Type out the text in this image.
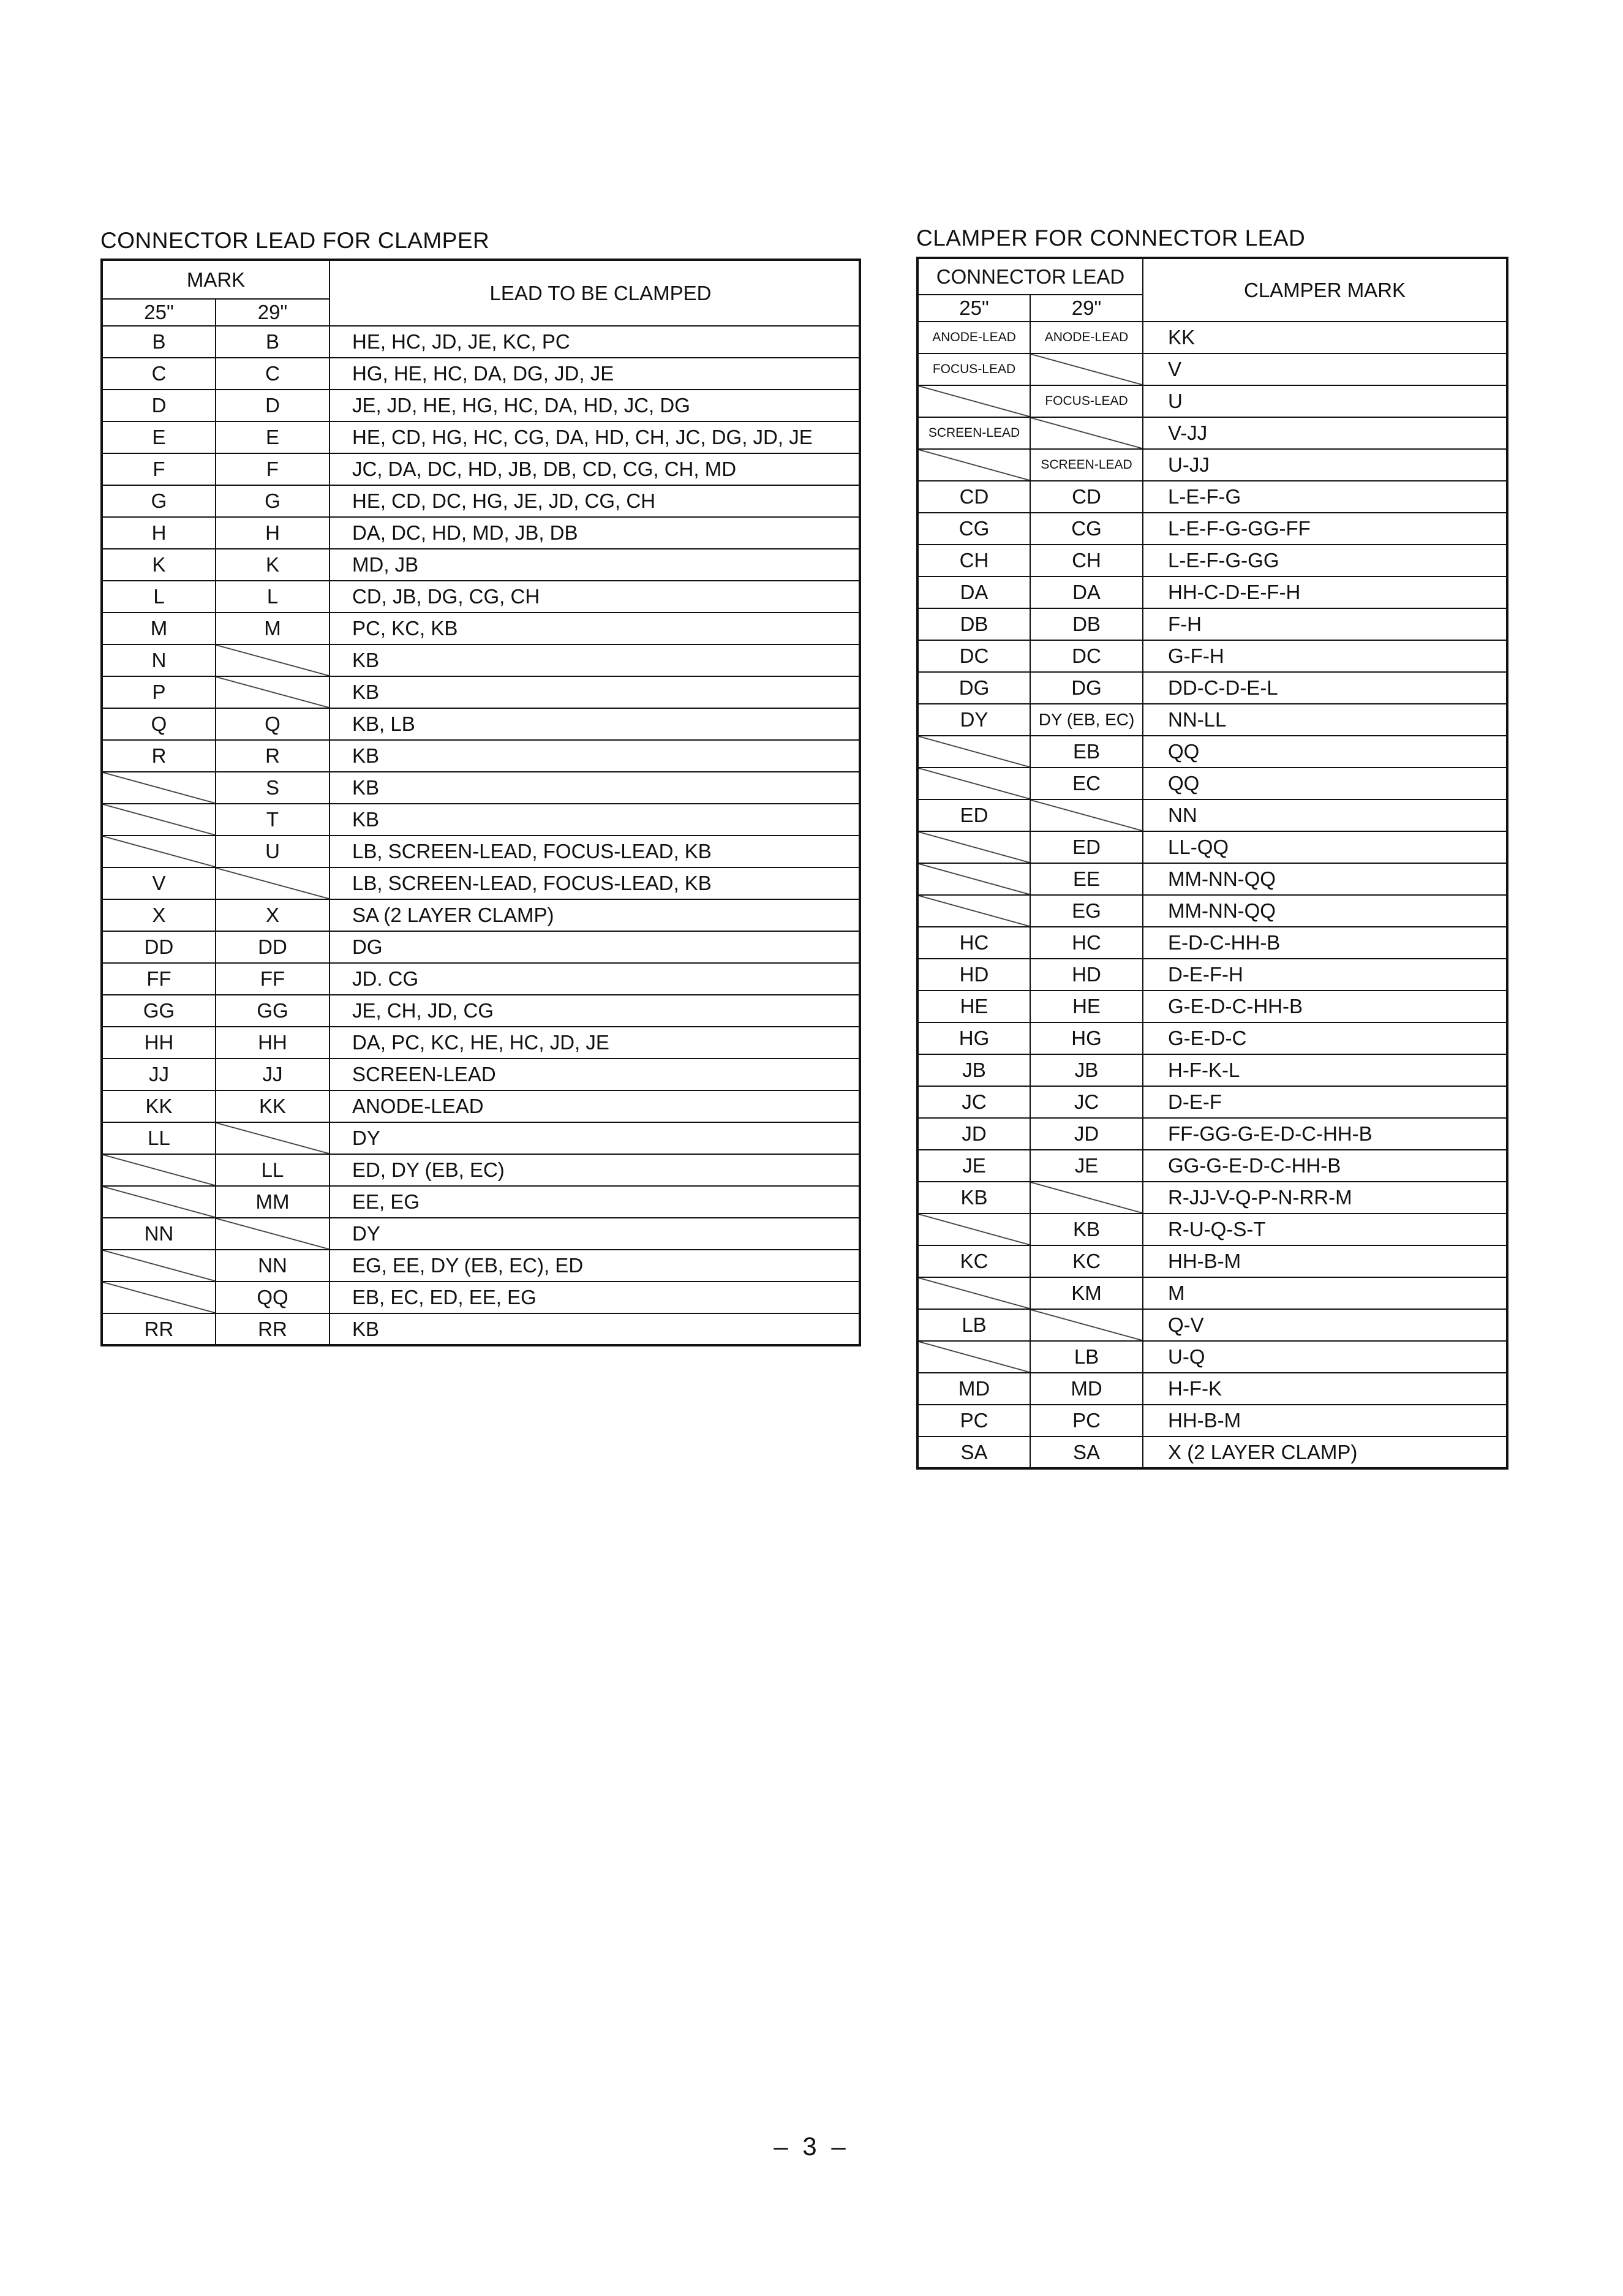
CONNECTOR LEAD FOR CLAMPER
MARK		LEAD TO BE CLAMPED
25"	29"	
B	B	HE, HC, JD, JE, KC, PC
C	C	HG, HE, HC, DA, DG, JD, JE
D	D	JE, JD, HE, HG, HC, DA, HD, JC, DG
E	E	HE, CD, HG, HC, CG, DA, HD, CH, JC, DG, JD, JE
F	F	JC, DA, DC, HD, JB, DB, CD, CG, CH, MD
G	G	HE, CD, DC, HG, JE, JD, CG, CH
H	H	DA, DC, HD, MD, JB, DB
K	K	MD, JB
L	L	CD, JB, DG, CG, CH
M	M	PC, KC, KB
N		KB
P		KB
Q	Q	KB, LB
R	R	KB
	S	KB
	T	KB
	U	LB, SCREEN-LEAD, FOCUS-LEAD, KB
V		LB, SCREEN-LEAD, FOCUS-LEAD, KB
X	X	SA (2 LAYER CLAMP)
DD	DD	DG
FF	FF	JD. CG
GG	GG	JE, CH, JD, CG
HH	HH	DA, PC, KC, HE, HC, JD, JE
JJ	JJ	SCREEN-LEAD
KK	KK	ANODE-LEAD
LL		DY
	LL	ED, DY (EB, EC)
	MM	EE, EG
NN		DY
	NN	EG, EE, DY (EB, EC), ED
	QQ	EB, EC, ED, EE, EG
RR	RR	KB
CLAMPER FOR CONNECTOR LEAD
CONNECTOR LEAD		CLAMPER MARK
25"	29"	
ANODE-LEAD	ANODE-LEAD	KK
FOCUS-LEAD		V
	FOCUS-LEAD	U
SCREEN-LEAD		V-JJ
	SCREEN-LEAD	U-JJ
CD	CD	L-E-F-G
CG	CG	L-E-F-G-GG-FF
CH	CH	L-E-F-G-GG
DA	DA	HH-C-D-E-F-H
DB	DB	F-H
DC	DC	G-F-H
DG	DG	DD-C-D-E-L
DY	DY (EB, EC)	NN-LL
	EB	QQ
	EC	QQ
ED		NN
	ED	LL-QQ
	EE	MM-NN-QQ
	EG	MM-NN-QQ
HC	HC	E-D-C-HH-B
HD	HD	D-E-F-H
HE	HE	G-E-D-C-HH-B
HG	HG	G-E-D-C
JB	JB	H-F-K-L
JC	JC	D-E-F
JD	JD	FF-GG-G-E-D-C-HH-B
JE	JE	GG-G-E-D-C-HH-B
KB		R-JJ-V-Q-P-N-RR-M
	KB	R-U-Q-S-T
KC	KC	HH-B-M
	KM	M
LB		Q-V
	LB	U-Q
MD	MD	H-F-K
PC	PC	HH-B-M
SA	SA	X (2 LAYER CLAMP)
– 3 –
